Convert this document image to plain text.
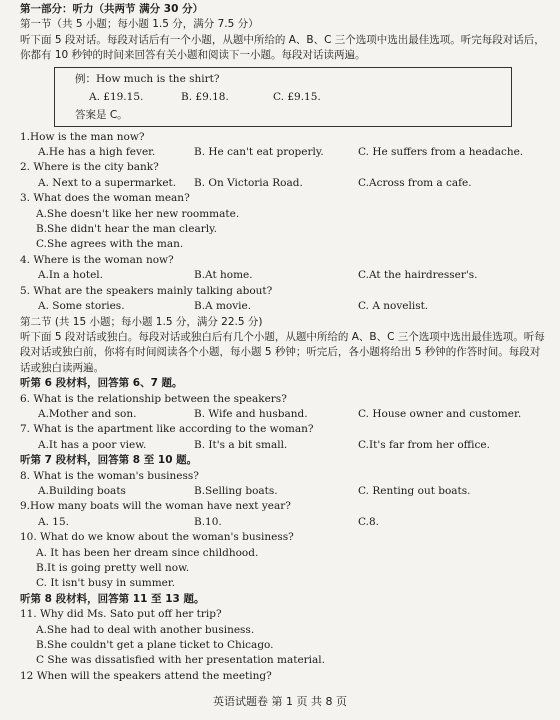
第一部分：听力（共两节 满分 30 分）
第一节（共 5 小题；每小题 1.5 分，满分 7.5 分）
听下面 5 段对话。每段对话后有一个小题，从题中所给的 A、B、C 三个选项中选出最佳选项。听完每段对话后，你都有 10 秒钟的时间来回答有关小题和阅读下一小题。每段对话读两遍。
例：How much is the shirt?
A. £19.15.	B. £9.18.	C. £9.15.
答案是 C。
1.How is the man now?
A.He has a high fever.	B. He can't eat properly.	C. He suffers from a headache.
2. Where is the city bank?
A. Next to a supermarket.	B. On Victoria Road.	C.Across from a cafe.
3. What does the woman mean?
A.She doesn't like her new roommate.
B.She didn't hear the man clearly.
C.She agrees with the man.
4. Where is the woman now?
A.In a hotel.	B.At home.	C.At the hairdresser's.
5. What are the speakers mainly talking about?
A. Some stories.	B.A movie.	C. A novelist.
第二节 (共 15 小题；每小题 1.5 分，满分 22.5 分)
听下面 5 段对话或独白。每段对话或独白后有几个小题，从题中所给的 A、B、C 三个选项中选出最佳选项。听每段对话或独白前，你将有时间阅读各个小题，每小题 5 秒钟；听完后，各小题将给出 5 秒钟的作答时间。每段对话或独白读两遍。
听第 6 段材料，回答第 6、7 题。
6. What is the relationship between the speakers?
A.Mother and son.	B. Wife and husband.	C. House owner and customer.
7. What is the apartment like according to the woman?
A.It has a poor view.	B. It's a bit small.	C.It's far from her office.
听第 7 段材料，回答第 8 至 10 题。
8. What is the woman's business?
A.Building boats	B.Selling boats.	C. Renting out boats.
9.How many boats will the woman have next year?
A. 15.	B.10.	C.8.
10. What do we know about the woman's business?
A. It has been her dream since childhood.
B.It is going pretty well now.
C. It isn't busy in summer.
听第 8 段材料，回答第 11 至 13 题。
11. Why did Ms. Sato put off her trip?
A.She had to deal with another business.
B.She couldn't get a plane ticket to Chicago.
C She was dissatisfied with her presentation material.
12 When will the speakers attend the meeting?
英语试题卷 第 1 页 共 8 页
